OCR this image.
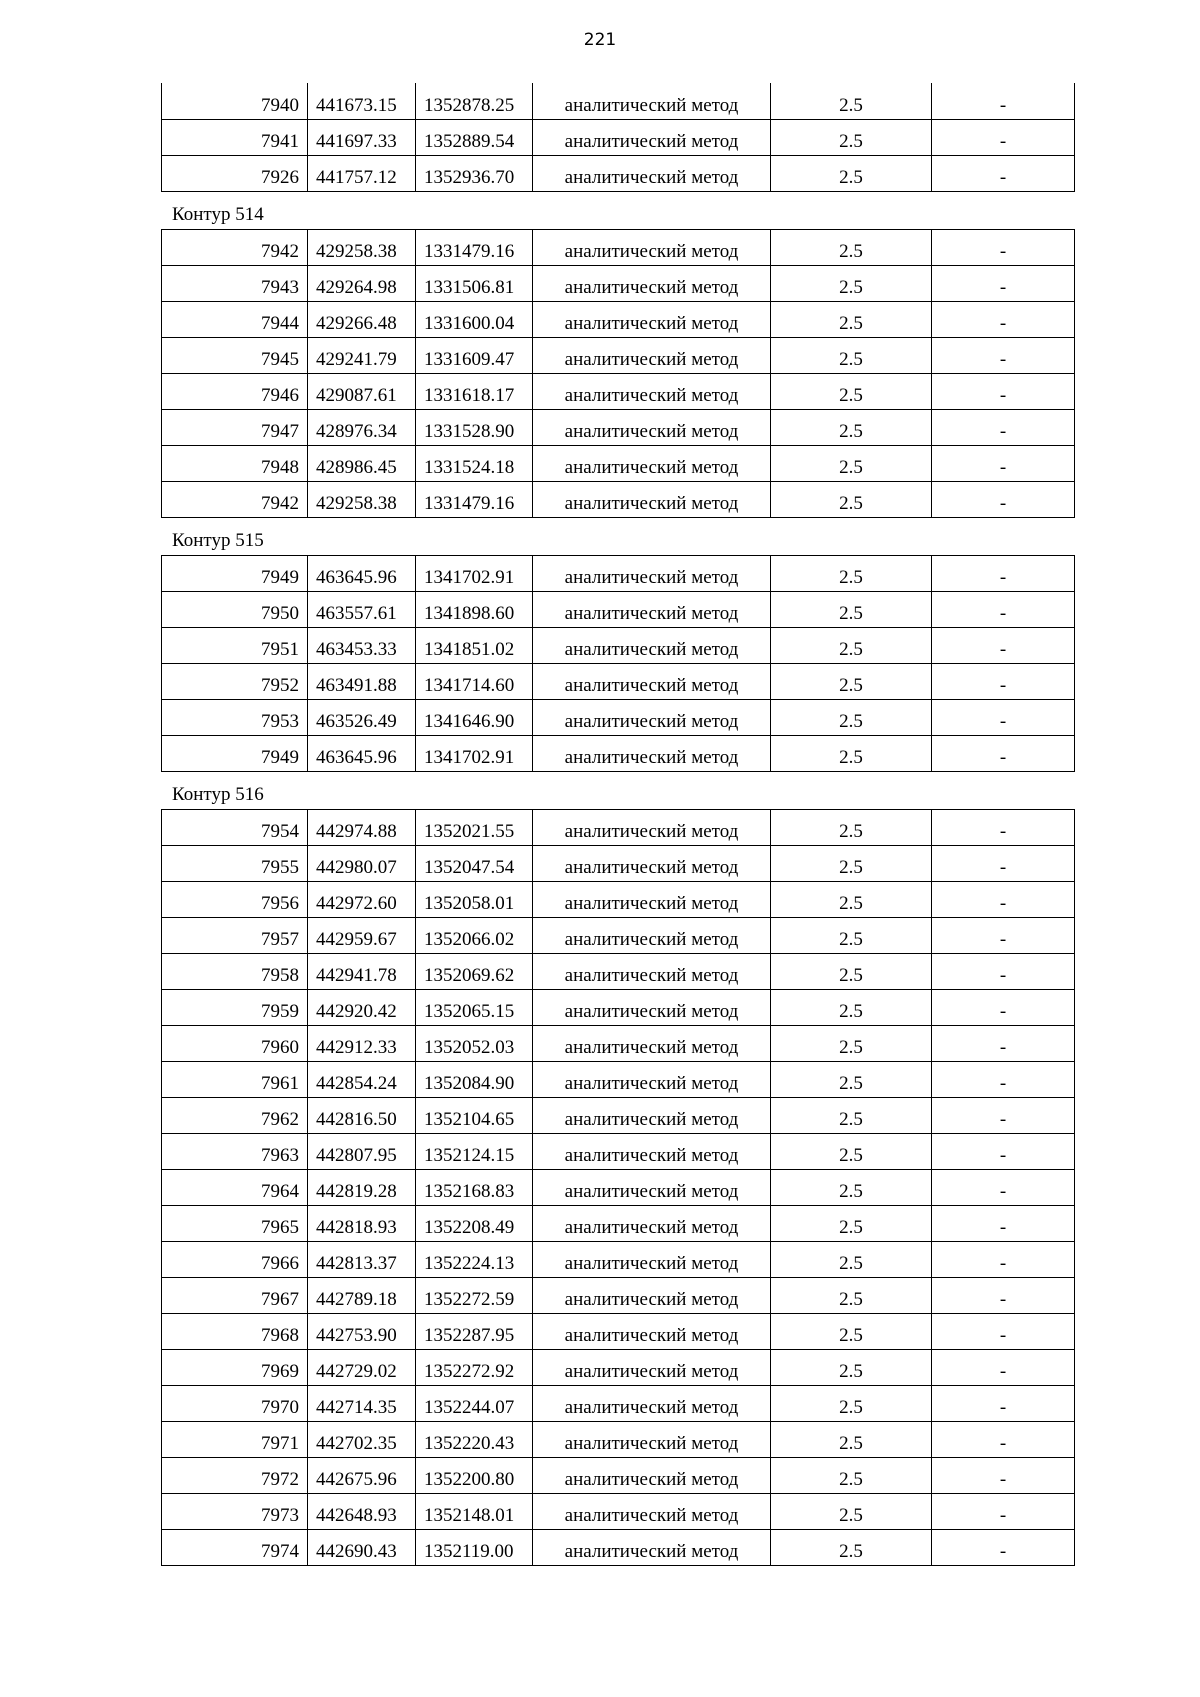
221
7940	441673.15	1352878.25	аналитический метод	2.5	-
7941	441697.33	1352889.54	аналитический метод	2.5	-
7926	441757.12	1352936.70	аналитический метод	2.5	-
Контур 514
7942	429258.38	1331479.16	аналитический метод	2.5	-
7943	429264.98	1331506.81	аналитический метод	2.5	-
7944	429266.48	1331600.04	аналитический метод	2.5	-
7945	429241.79	1331609.47	аналитический метод	2.5	-
7946	429087.61	1331618.17	аналитический метод	2.5	-
7947	428976.34	1331528.90	аналитический метод	2.5	-
7948	428986.45	1331524.18	аналитический метод	2.5	-
7942	429258.38	1331479.16	аналитический метод	2.5	-
Контур 515
7949	463645.96	1341702.91	аналитический метод	2.5	-
7950	463557.61	1341898.60	аналитический метод	2.5	-
7951	463453.33	1341851.02	аналитический метод	2.5	-
7952	463491.88	1341714.60	аналитический метод	2.5	-
7953	463526.49	1341646.90	аналитический метод	2.5	-
7949	463645.96	1341702.91	аналитический метод	2.5	-
Контур 516
7954	442974.88	1352021.55	аналитический метод	2.5	-
7955	442980.07	1352047.54	аналитический метод	2.5	-
7956	442972.60	1352058.01	аналитический метод	2.5	-
7957	442959.67	1352066.02	аналитический метод	2.5	-
7958	442941.78	1352069.62	аналитический метод	2.5	-
7959	442920.42	1352065.15	аналитический метод	2.5	-
7960	442912.33	1352052.03	аналитический метод	2.5	-
7961	442854.24	1352084.90	аналитический метод	2.5	-
7962	442816.50	1352104.65	аналитический метод	2.5	-
7963	442807.95	1352124.15	аналитический метод	2.5	-
7964	442819.28	1352168.83	аналитический метод	2.5	-
7965	442818.93	1352208.49	аналитический метод	2.5	-
7966	442813.37	1352224.13	аналитический метод	2.5	-
7967	442789.18	1352272.59	аналитический метод	2.5	-
7968	442753.90	1352287.95	аналитический метод	2.5	-
7969	442729.02	1352272.92	аналитический метод	2.5	-
7970	442714.35	1352244.07	аналитический метод	2.5	-
7971	442702.35	1352220.43	аналитический метод	2.5	-
7972	442675.96	1352200.80	аналитический метод	2.5	-
7973	442648.93	1352148.01	аналитический метод	2.5	-
7974	442690.43	1352119.00	аналитический метод	2.5	-
